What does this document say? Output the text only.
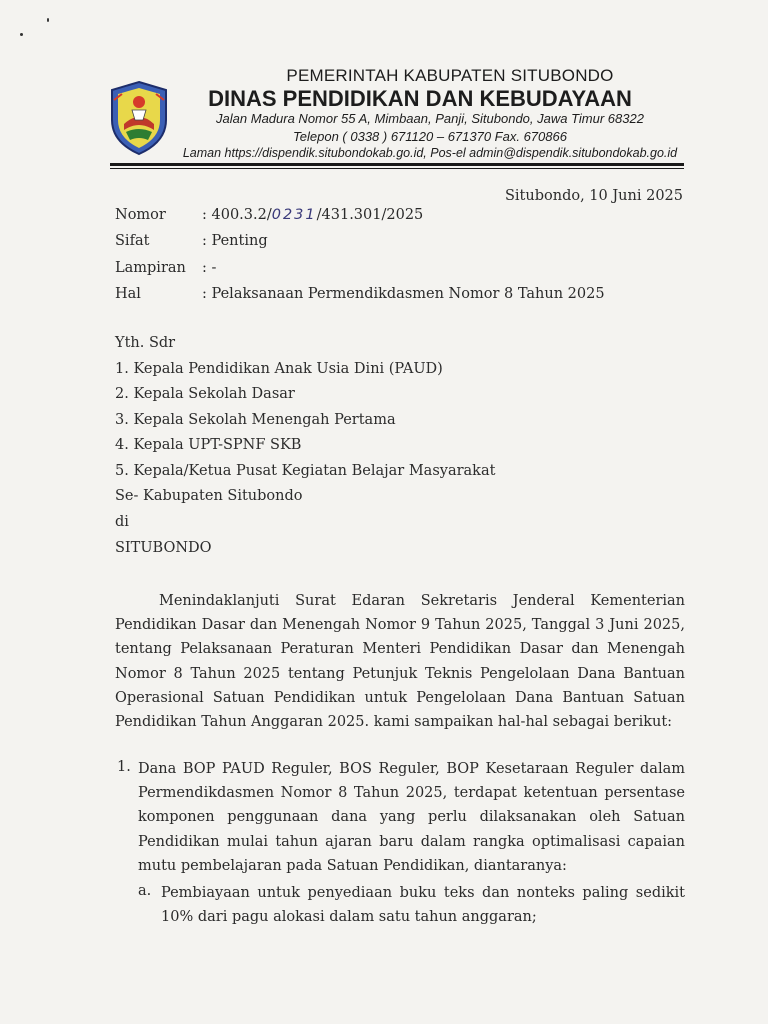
PEMERINTAH KABUPATEN SITUBONDO
DINAS PENDIDIKAN DAN KEBUDAYAAN
Jalan Madura Nomor 55 A, Mimbaan, Panji, Situbondo, Jawa Timur 68322
Telepon ( 0338 ) 671120 – 671370 Fax. 670866
Laman https://dispendik.situbondokab.go.id, Pos-el admin@dispendik.situbondokab.go.id
Situbondo, 10 Juni 2025
Nomor : 400.3.2/0231/431.301/2025
Sifat	: Penting
Lampiran : -
Hal	: Pelaksanaan Permendikdasmen Nomor 8 Tahun 2025
Yth. Sdr
1. Kepala Pendidikan Anak Usia Dini (PAUD)
2. Kepala Sekolah Dasar
3. Kepala Sekolah Menengah Pertama
4. Kepala UPT-SPNF SKB
5. Kepala/Ketua Pusat Kegiatan Belajar Masyarakat
Se- Kabupaten Situbondo
di
SITUBONDO
Menindaklanjuti Surat Edaran Sekretaris Jenderal Kementerian
Pendidikan Dasar dan Menengah Nomor 9 Tahun 2025, Tanggal 3 Juni 2025,
tentang Pelaksanaan Peraturan Menteri Pendidikan Dasar dan Menengah
Nomor 8 Tahun 2025 tentang Petunjuk Teknis Pengelolaan Dana Bantuan
Operasional Satuan Pendidikan untuk Pengelolaan Dana Bantuan Satuan
Pendidikan Tahun Anggaran 2025. kami sampaikan hal-hal sebagai berikut:
1. Dana BOP PAUD Reguler, BOS Reguler, BOP Kesetaraan Reguler dalam
Permendikdasmen Nomor 8 Tahun 2025, terdapat ketentuan persentase
komponen penggunaan dana yang perlu dilaksanakan oleh Satuan
Pendidikan mulai tahun ajaran baru dalam rangka optimalisasi capaian
mutu pembelajaran pada Satuan Pendidikan, diantaranya:
a. Pembiayaan untuk penyediaan buku teks dan nonteks paling sedikit
10% dari pagu alokasi dalam satu tahun anggaran;
